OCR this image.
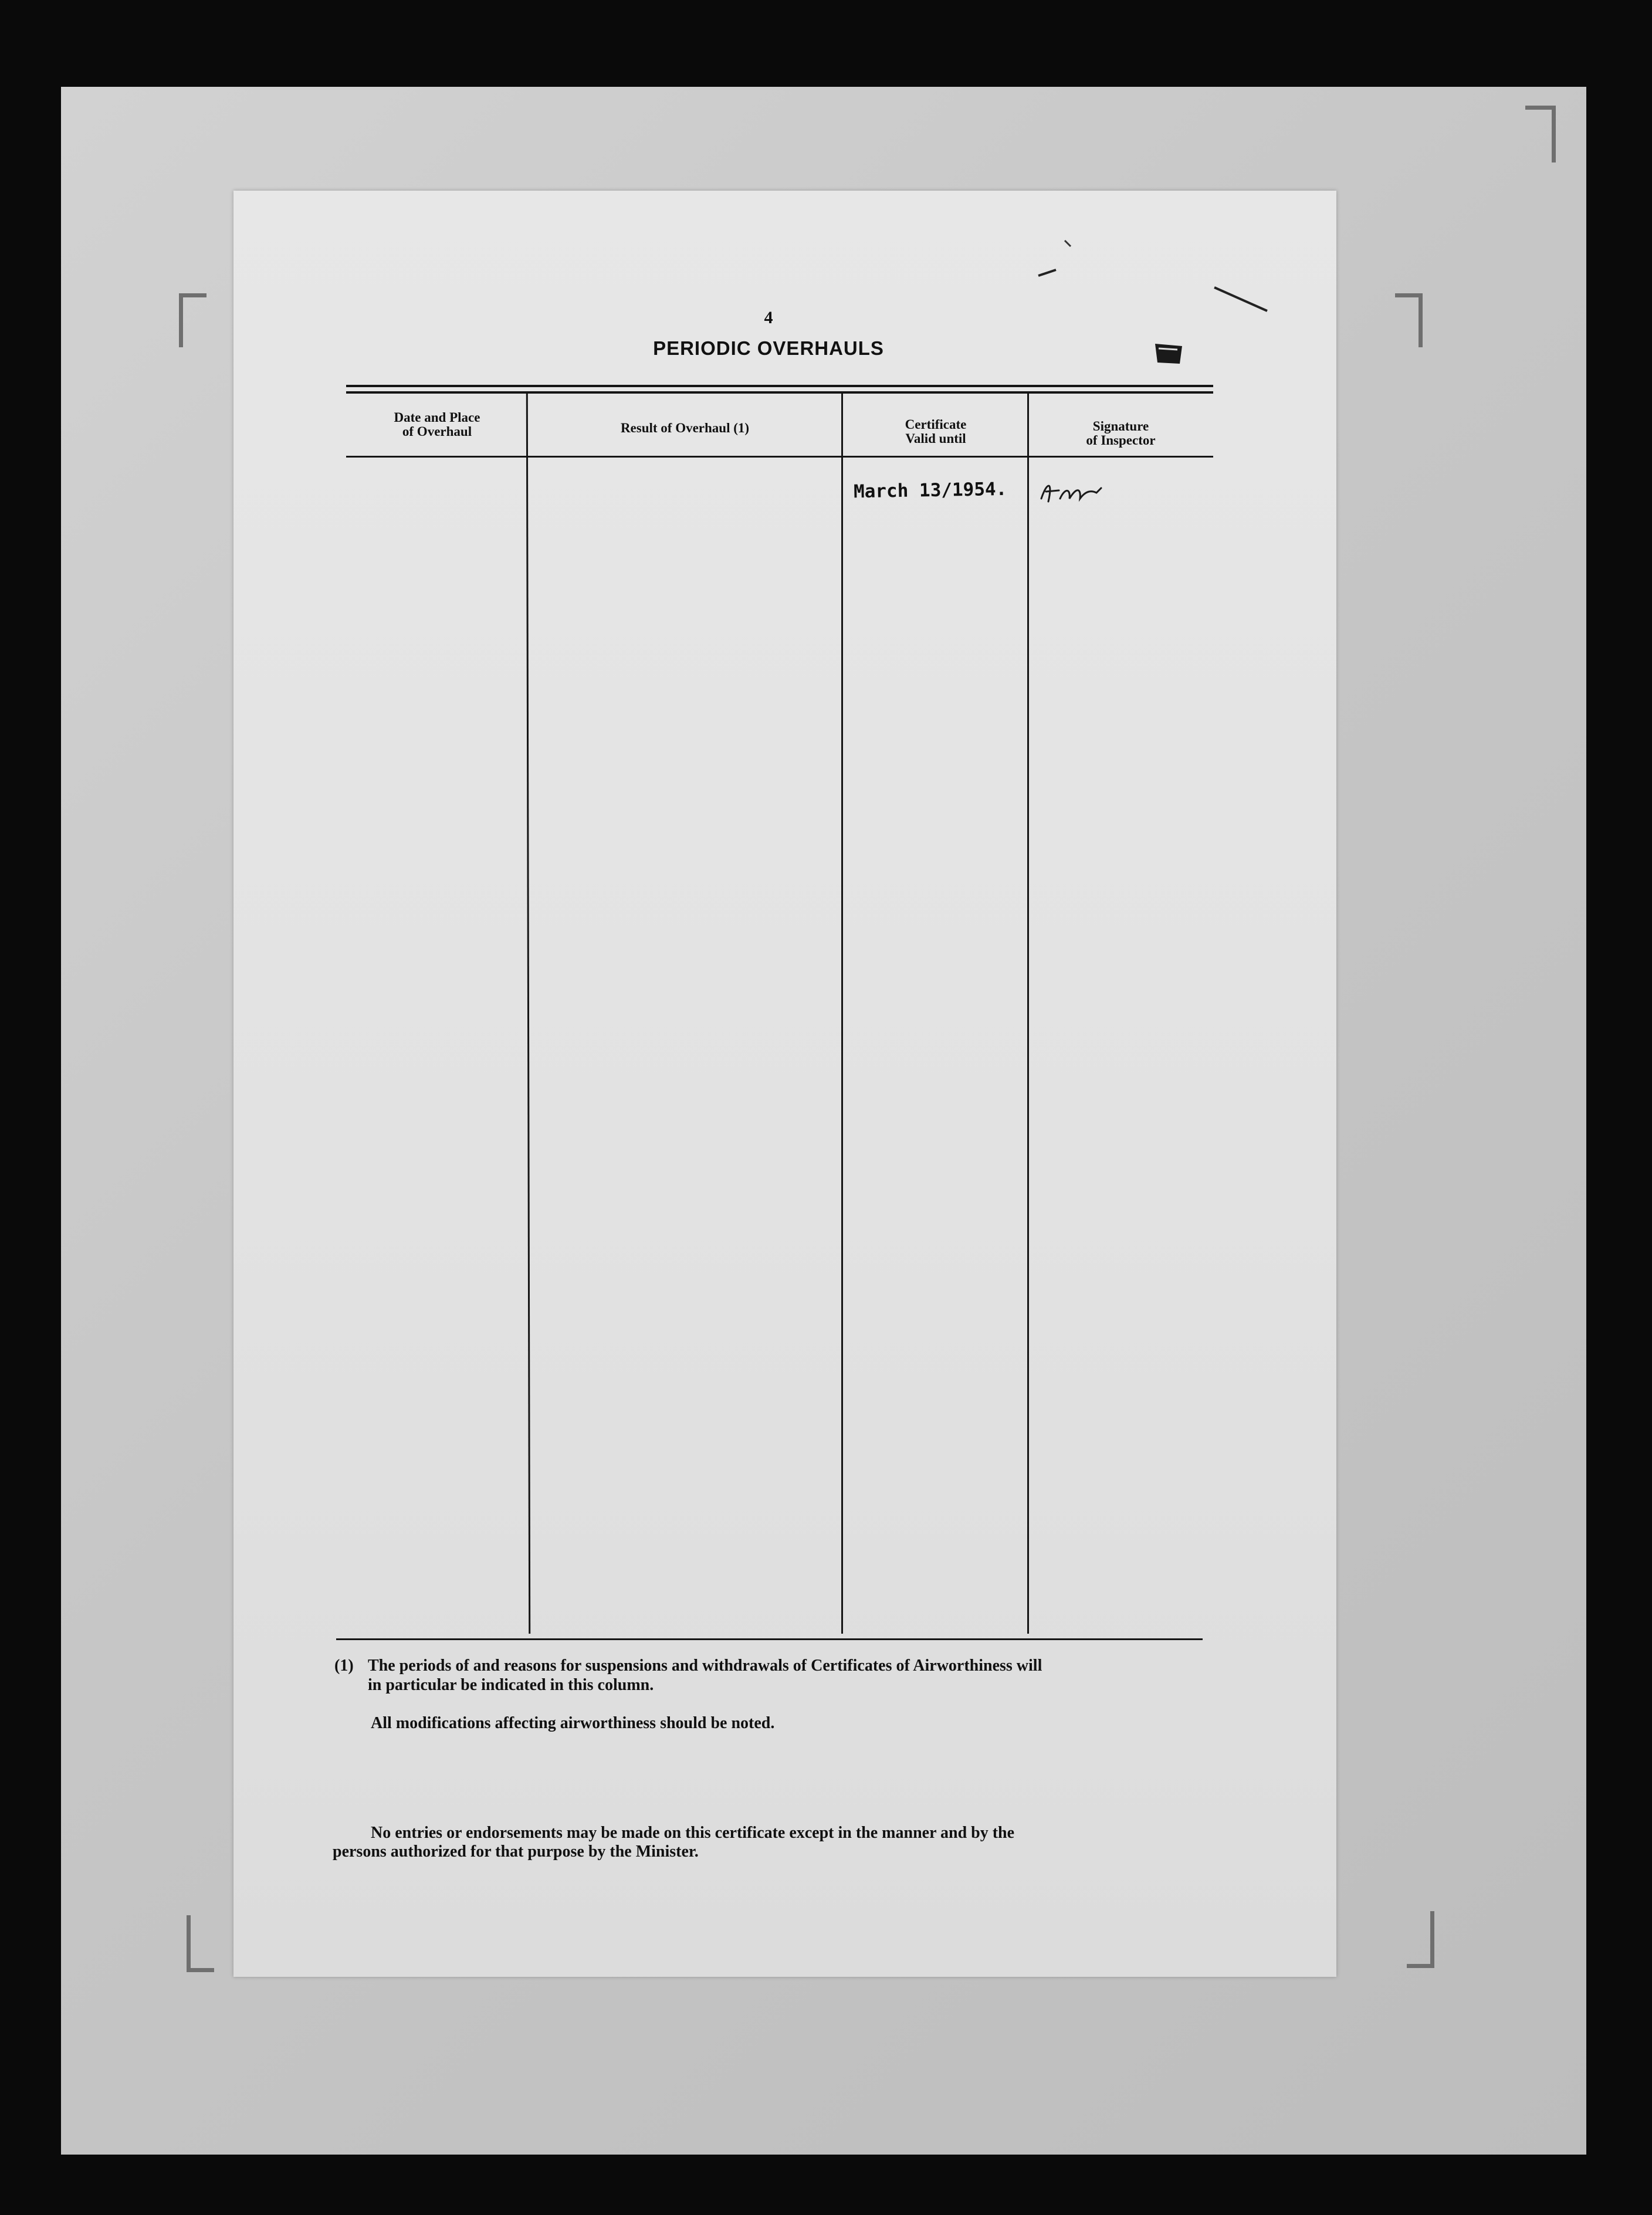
4
PERIODIC OVERHAULS
Date and Place
of Overhaul	Result of Overhaul (1)	Certificate
Valid until
Signature
of Inspector
March 13/1954.
(1) The periods of and reasons for suspensions and withdrawals of Certificates of Airworthiness will
in particular be indicated in this column.
All modifications affecting airworthiness should be noted.
No entries or endorsements may be made on this certificate except in the manner and by the
persons authorized for that purpose by the Minister.
